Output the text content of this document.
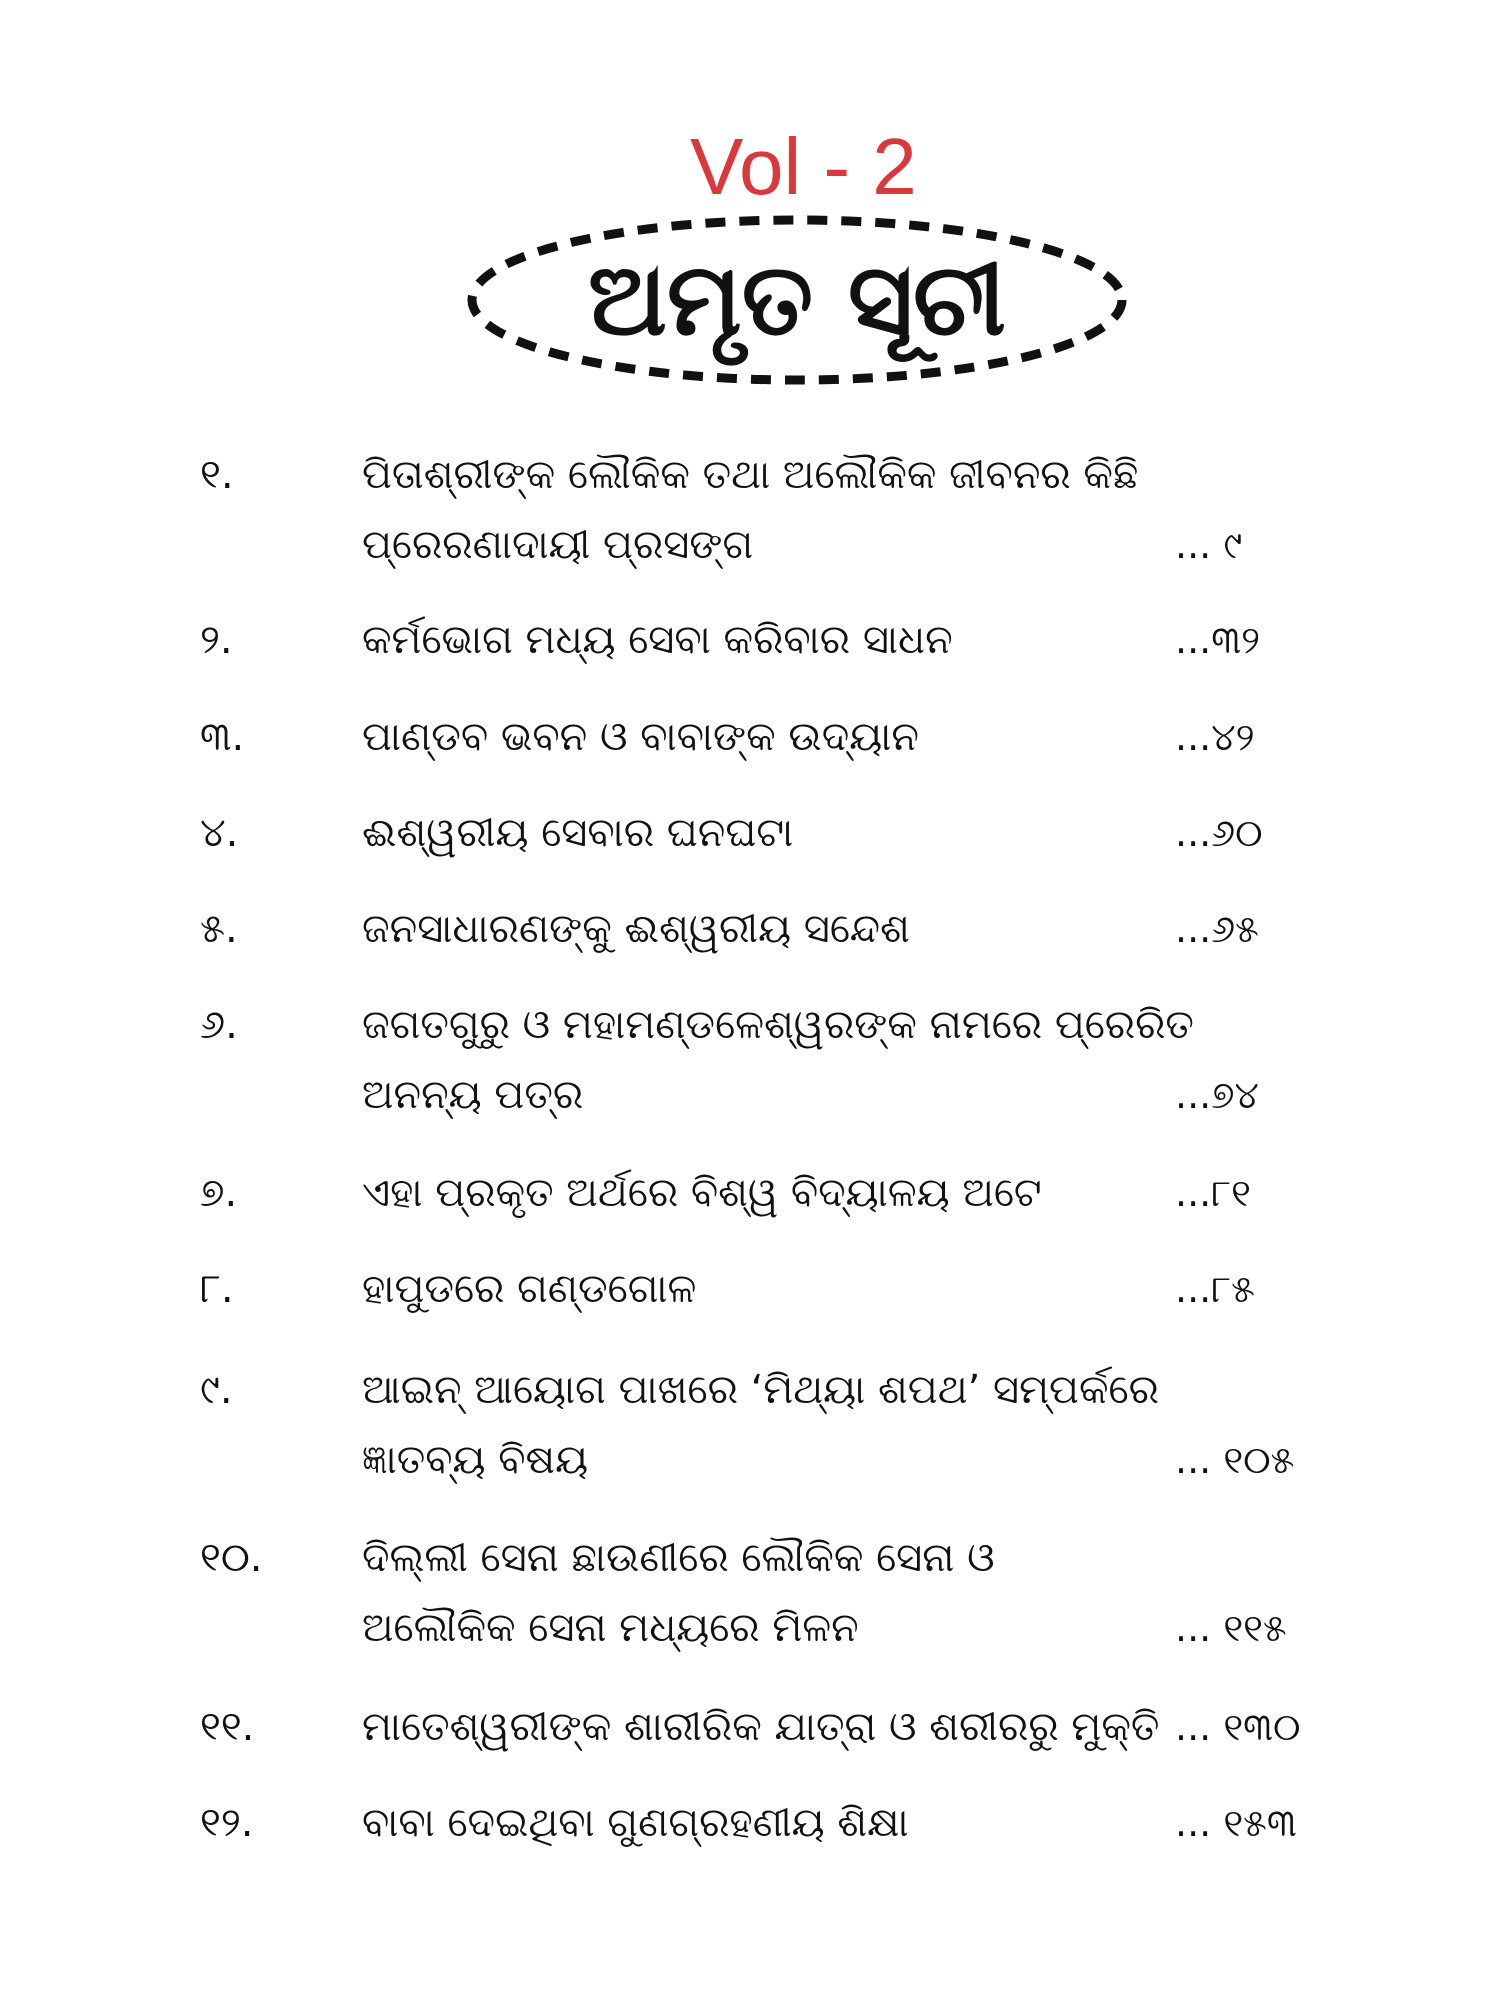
Vol - 2
ଅମୃତ ସୂଚୀ
୧.	ପିତାଶ୍ରୀଙ୍କ ଲୌକିକ ତଥା ଅଲୌକିକ ଜୀବନର କିଛି
ପ୍ରେରଣାଦାୟୀ ପ୍ରସଙ୍ଗ	... ୯
୨.	କର୍ମଭୋଗ ମଧ୍ୟ ସେବା କରିବାର ସାଧନ	...୩୨
୩.	ପାଣ୍ଡବ ଭବନ ଓ ବାବାଙ୍କ ଉଦ୍ୟାନ	...୪୨
୪.	ଈଶ୍ୱରୀୟ ସେବାର ଘନଘଟା	...୬୦
୫.	ଜନସାଧାରଣଙ୍କୁ ଈଶ୍ୱରୀୟ ସନ୍ଦେଶ	...୬୫
୬.	ଜଗତଗୁରୁ ଓ ମହାମଣ୍ଡଳେଶ୍ୱରଙ୍କ ନାମରେ ପ୍ରେରିତ
ଅନନ୍ୟ ପତ୍ର	...୭୪
୭.	ଏହା ପ୍ରକୃତ ଅର୍ଥରେ ବିଶ୍ୱ ବିଦ୍ୟାଳୟ ଅଟେ	...୮୧
୮.	ହାପୁଡରେ ଗଣ୍ଡଗୋଳ	...୮୫
୯.	ଆଇନ୍ ଆୟୋଗ ପାଖରେ ‘ମିଥ୍ୟା ଶପଥ’ ସମ୍ପର୍କରେ
ଜ୍ଞାତବ୍ୟ ବିଷୟ	... ୧୦୫
୧୦. ଦିଲ୍ଲୀ ସେନା ଛାଉଣୀରେ ଲୌକିକ ସେନା ଓ
ଅଲୌକିକ ସେନା ମଧ୍ୟରେ ମିଳନ	... ୧୧୫
୧୧.	ମାତେଶ୍ୱରୀଙ୍କ ଶାରୀରିକ ଯାତ୍ରା ଓ ଶରୀରରୁ ମୁକ୍ତି ... ୧୩୦
୧୨.	ବାବା ଦେଇଥିବା ଗୁଣଗ୍ରହଣୀୟ ଶିକ୍ଷା	... ୧୫୩
